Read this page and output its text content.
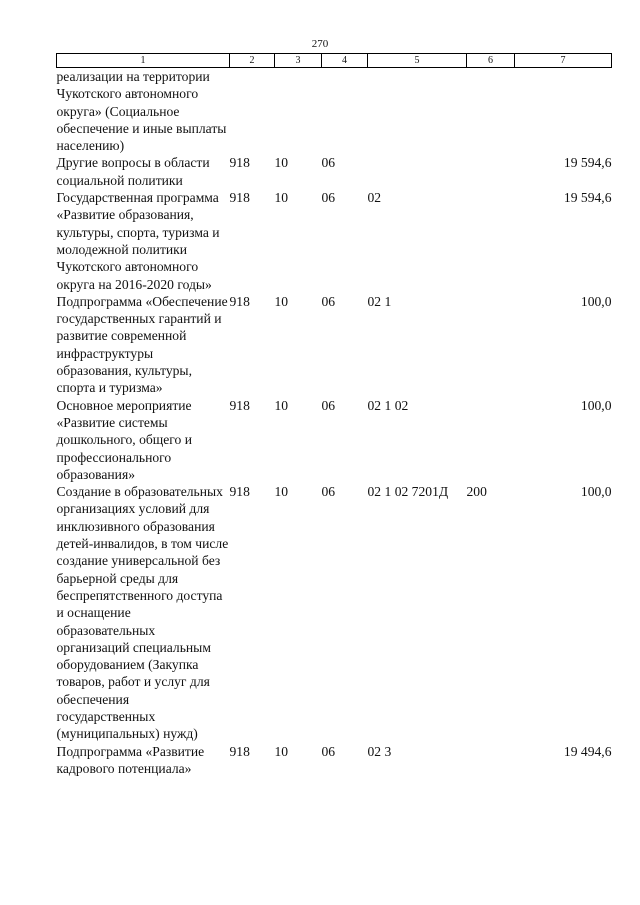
270
1	2	3	4	5	6	7
реализации на территории Чукотского автономного округа» (Социальное обеспечение и иные выплаты населению)						
Другие вопросы в области социальной политики	918	10	06			19 594,6
Государственная программа «Развитие образования, культуры, спорта, туризма и молодежной политики Чукотского автономного округа на 2016-2020 годы»	918	10	06	02		19 594,6
Подпрограмма «Обеспечение государственных гарантий и развитие современной инфраструктуры образования, культуры, спорта и туризма»	918	10	06	02 1		100,0
Основное мероприятие «Развитие системы дошкольного, общего и профессионального образования»	918	10	06	02 1 02		100,0
Создание в образовательных организациях условий для инклюзивного образования детей-инвалидов, в том числе создание универсальной без барьерной среды для беспрепятственного доступа и оснащение образовательных организаций специальным оборудованием (Закупка товаров, работ и услуг для обеспечения государственных (муниципальных) нужд)	918	10	06	02 1 02 7201Д	200	100,0
Подпрограмма «Развитие кадрового потенциала»	918	10	06	02 3		19 494,6
